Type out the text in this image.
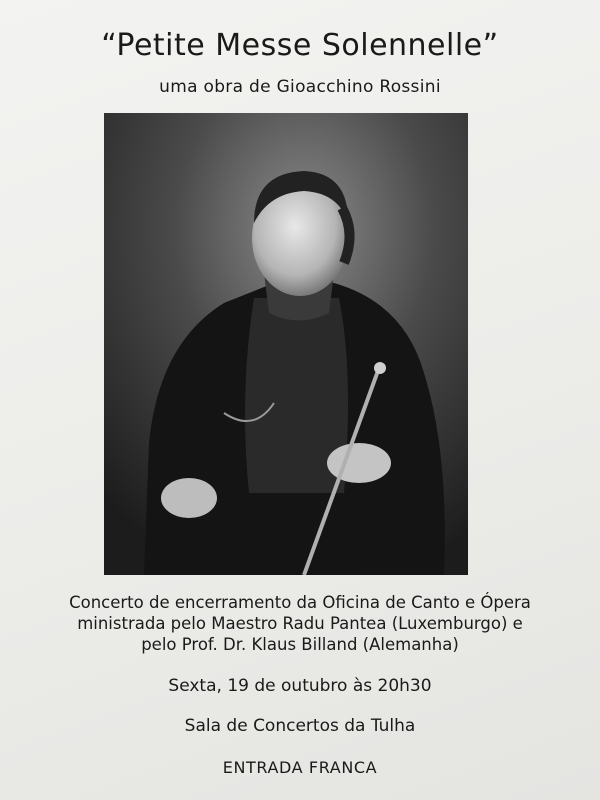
“Petite Messe Solennelle”
uma obra de Gioacchino Rossini
Concerto de encerramento da Oficina de Canto e Ópera
ministrada pelo Maestro Radu Pantea (Luxemburgo) e
pelo Prof. Dr. Klaus Billand (Alemanha)
Sexta, 19 de outubro às 20h30
Sala de Concertos da Tulha
ENTRADA FRANCA
